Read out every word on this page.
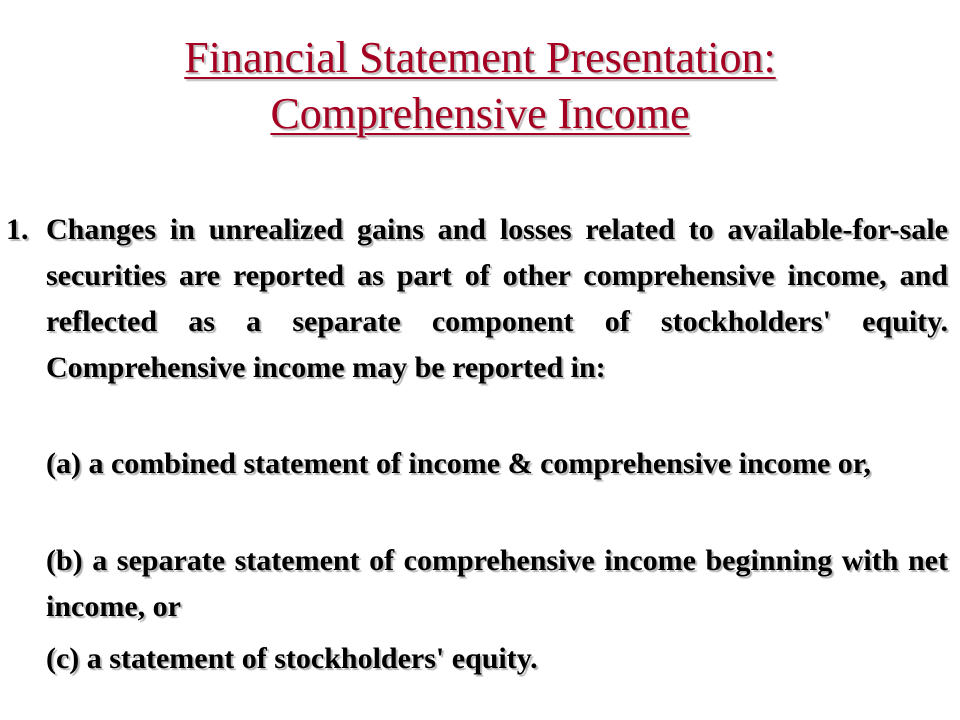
Financial Statement Presentation:
Comprehensive Income
1. Changes in unrealized gains and losses related to available-for-sale securities are reported as part of other comprehensive income, and reflected as a separate component of stockholders' equity. Comprehensive income may be reported in:

(a) a combined statement of income & comprehensive income or,

(b) a separate statement of comprehensive income beginning with net income, or

(c) a statement of stockholders' equity.
